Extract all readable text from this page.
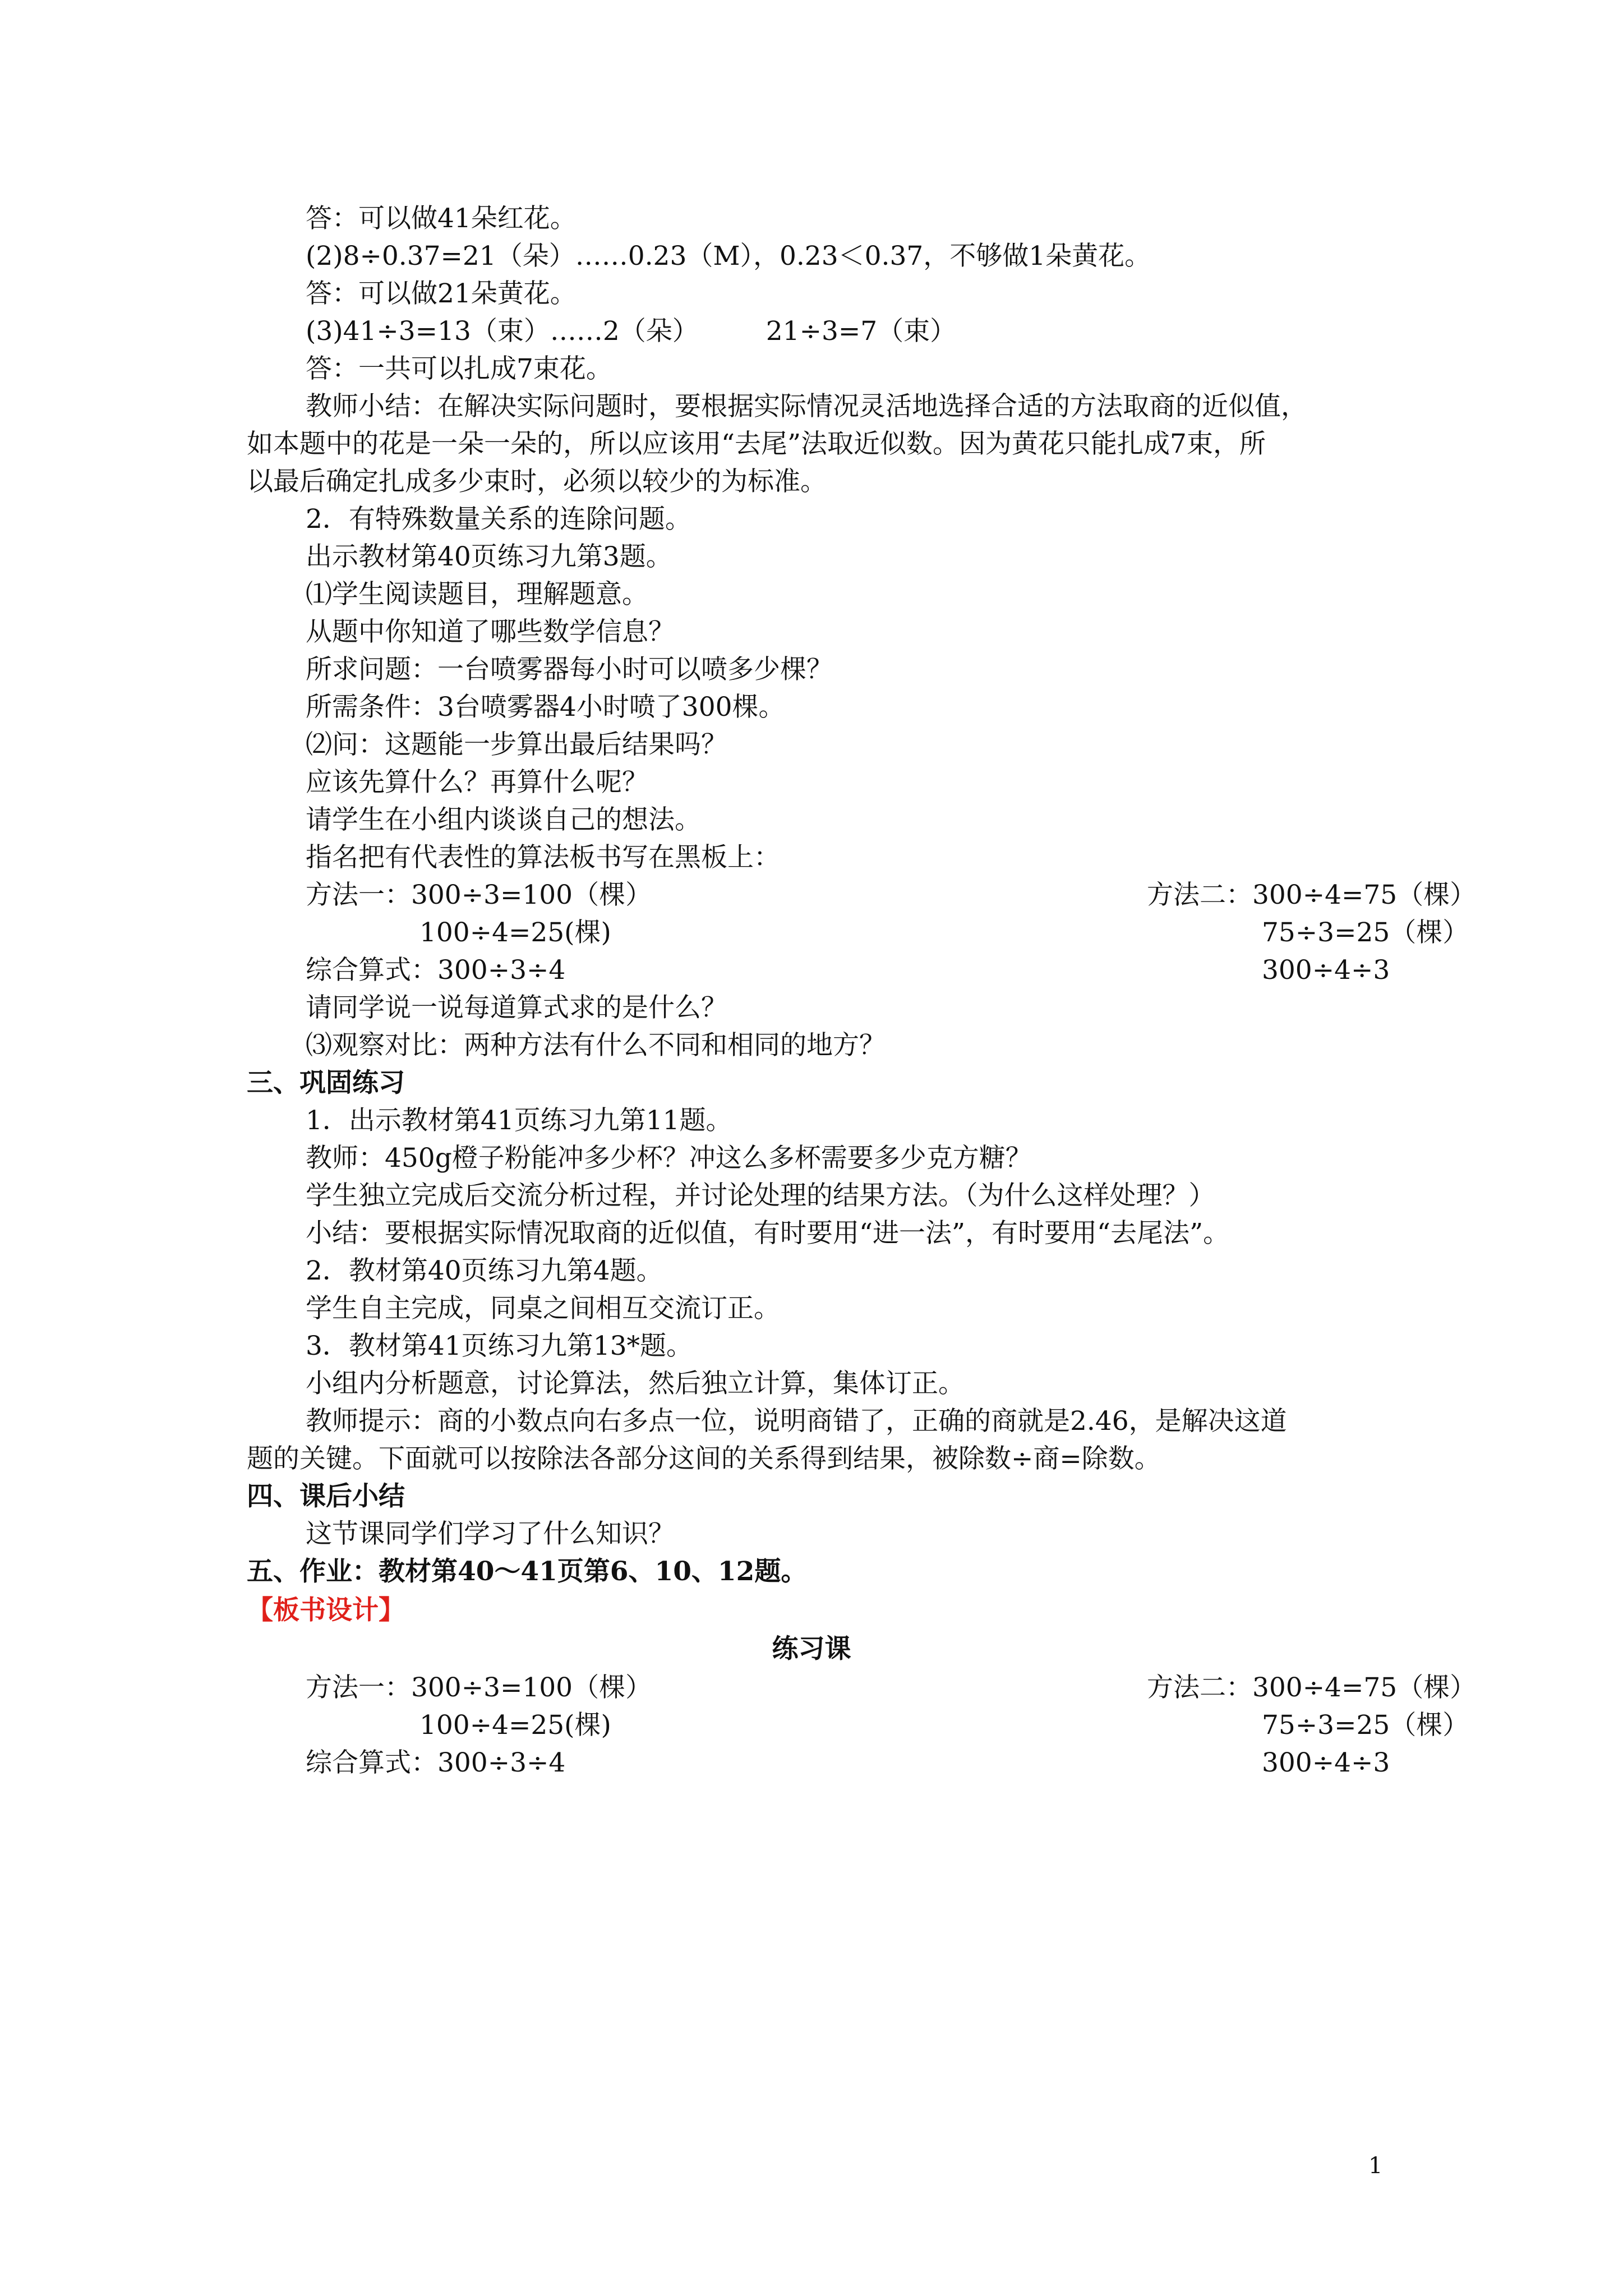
答：可以做41朵红花。
(2)8÷0.37=21（朵）……0.23（M），0.23＜0.37，不够做1朵黄花。
答：可以做21朵黄花。
(3)41÷3=13（束）……2（朵）	21÷3=7（束）
答：一共可以扎成7束花。
教师小结：在解决实际问题时，要根据实际情况灵活地选择合适的方法取商的近似值，
如本题中的花是一朵一朵的，所以应该用“去尾”法取近似数。因为黄花只能扎成7束，所
以最后确定扎成多少束时，必须以较少的为标准。
2．有特殊数量关系的连除问题。
出示教材第40页练习九第3题。
⑴学生阅读题目，理解题意。
从题中你知道了哪些数学信息？
所求问题：一台喷雾器每小时可以喷多少棵？
所需条件：3台喷雾器4小时喷了300棵。
⑵问：这题能一步算出最后结果吗？
应该先算什么？再算什么呢？
请学生在小组内谈谈自己的想法。
指名把有代表性的算法板书写在黑板上：
方法一：300÷3=100（棵）	方法二：300÷4=75（棵）
100÷4=25(棵)	75÷3=25（棵）
综合算式：300÷3÷4	300÷4÷3
请同学说一说每道算式求的是什么？
⑶观察对比：两种方法有什么不同和相同的地方？
三、巩固练习
1．出示教材第41页练习九第11题。
教师：450g橙子粉能冲多少杯？冲这么多杯需要多少克方糖？
学生独立完成后交流分析过程，并讨论处理的结果方法。（为什么这样处理？）
小结：要根据实际情况取商的近似值，有时要用“进一法”，有时要用“去尾法”。
2．教材第40页练习九第4题。
学生自主完成，同桌之间相互交流订正。
3．教材第41页练习九第13*题。
小组内分析题意，讨论算法，然后独立计算，集体订正。
教师提示：商的小数点向右多点一位，说明商错了，正确的商就是2.46，是解决这道
题的关键。下面就可以按除法各部分这间的关系得到结果，被除数÷商=除数。
四、课后小结
这节课同学们学习了什么知识？
五、作业：教材第40～41页第6、10、12题。
【板书设计】
练习课
方法一：300÷3=100（棵）	方法二：300÷4=75（棵）
100÷4=25(棵)	75÷3=25（棵）
综合算式：300÷3÷4	300÷4÷3
1
